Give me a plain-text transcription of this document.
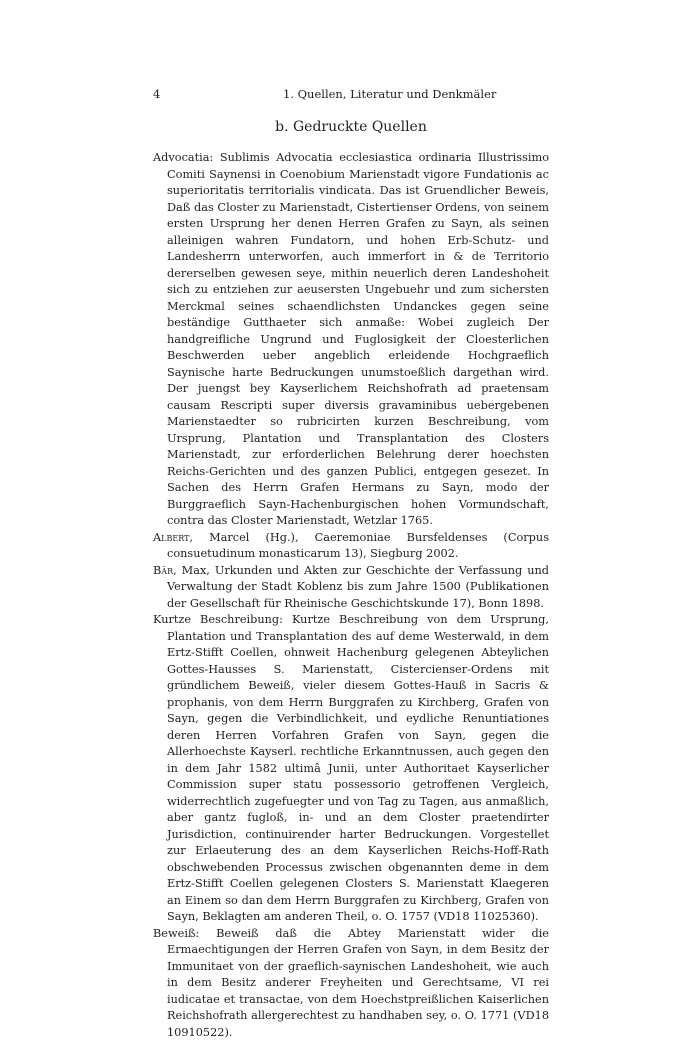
4	1. Quellen, Literatur und Denkmäler
b. Gedruckte Quellen

Advocatia: Sublimis Advocatia ecclesiastica ordinaria Illustrissimo Comiti Saynensi in Coenobium Marienstadt vigore Fundationis ac superioritatis territorialis vindicata. Das ist Gruendlicher Beweis, Daß das Closter zu Marienstadt, Cistertienser Ordens, von seinem ersten Ursprung her denen Herren Grafen zu Sayn, als seinen alleinigen wahren Fundatorn, und hohen Erb-Schutz- und Landesherrn unterworfen, auch immerfort in & de Territorio dererselben gewesen seye, mithin neuerlich deren Landeshoheit sich zu entziehen zur aeusersten Ungebuehr und zum sichersten Merckmal seines schaendlichsten Undanckes gegen seine beständige Gutthaeter sich anmaße: Wobei zugleich Der handgreifliche Ungrund und Fuglosigkeit der Cloesterlichen Beschwerden ueber angeblich erleidende Hochgraeflich Saynische harte Bedruckungen unumstoeßlich dargethan wird. Der juengst bey Kayserlichem Reichshofrath ad praetensam causam Rescripti super diversis gravaminibus uebergebenen Marienstaedter so rubricirten kurzen Beschreibung, vom Ursprung, Plantation und Transplantation des Closters Marienstadt, zur erforderlichen Belehrung derer hoechsten Reichs-Gerichten und des ganzen Publici, entgegen gesezet. In Sachen des Herrn Grafen Hermans zu Sayn, modo der Burggraeflich Sayn-Hachenburgischen hohen Vormundschaft, contra das Closter Marienstadt, Wetzlar 1765.

Albert, Marcel (Hg.), Caeremoniae Bursfeldenses (Corpus consuetudinum monasticarum 13), Siegburg 2002.

Bär, Max, Urkunden und Akten zur Geschichte der Verfassung und Verwaltung der Stadt Koblenz bis zum Jahre 1500 (Publikationen der Gesellschaft für Rheinische Geschichtskunde 17), Bonn 1898.

Kurtze Beschreibung: Kurtze Beschreibung von dem Ursprung, Plantation und Transplantation des auf deme Westerwald, in dem Ertz-Stifft Coellen, ohnweit Hachenburg gelegenen Abteylichen Gottes-Hausses S. Marienstatt, Cistercienser-Ordens mit gründlichem Beweiß, vieler diesem Gottes-Hauß in Sacris & prophanis, von dem Herrn Burggrafen zu Kirchberg, Grafen von Sayn, gegen die Verbindlichkeit, und eydliche Renuntiationes deren Herren Vorfahren Grafen von Sayn, gegen die Allerhoechste Kayserl. rechtliche Erkanntnussen, auch gegen den in dem Jahr 1582 ultimâ Junii, unter Authoritaet Kayserlicher Commission super statu possessorio getroffenen Vergleich, widerrechtlich zugefuegter und von Tag zu Tagen, aus anmaßlich, aber gantz fugloß, in- und an dem Closter praetendirter Jurisdiction, continuirender harter Bedruckungen. Vorgestellet zur Erlaeuterung des an dem Kayserlichen Reichs-Hoff-Rath obschwebenden Processus zwischen obgenannten deme in dem Ertz-Stifft Coellen gelegenen Closters S. Marienstatt Klaegeren an Einem so dan dem Herrn Burggrafen zu Kirchberg, Grafen von Sayn, Beklagten am anderen Theil, o. O. 1757 (VD18 11025360).

Beweiß: Beweiß daß die Abtey Marienstatt wider die Ermaechtigungen der Herren Grafen von Sayn, in dem Besitz der Immunitaet von der graeflich-saynischen Landeshoheit, wie auch in dem Besitz anderer Freyheiten und Gerechtsame, VI rei iudicatae et transactae, von dem Hoechstpreißlichen Kaiserlichen Reichshofrath allergerechtest zu handhaben sey, o. O. 1771 (VD18 10910522).
